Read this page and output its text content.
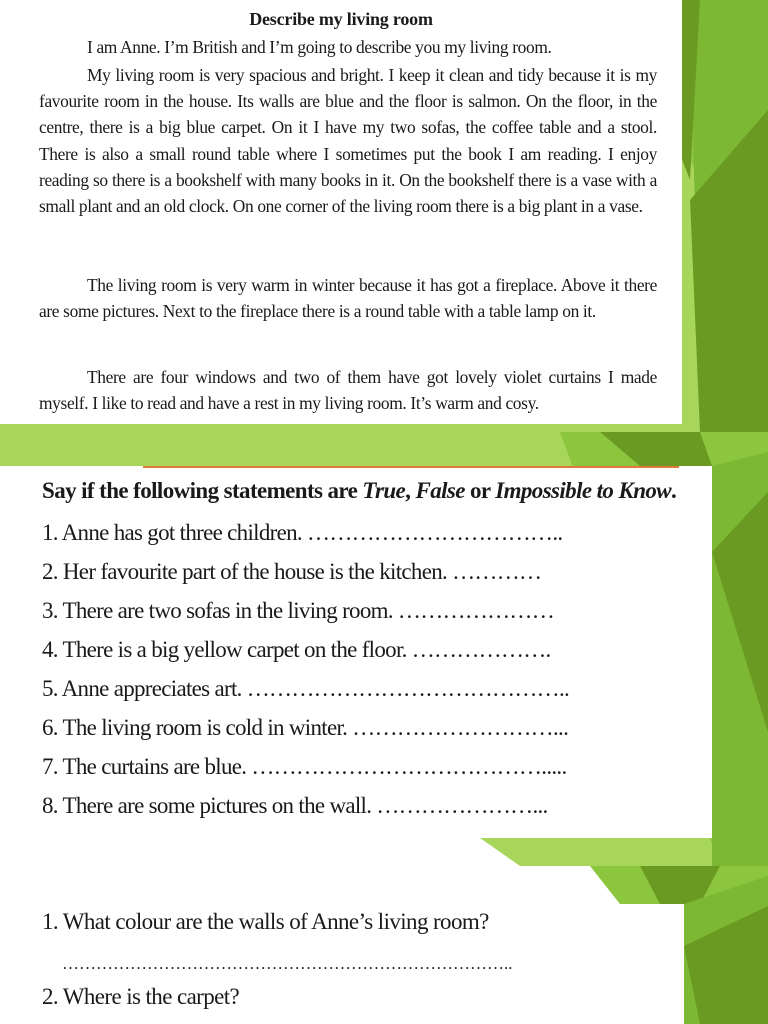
Describe my living room
I am Anne. I’m British and I’m going to describe you my living room.
My living room is very spacious and bright. I keep it clean and tidy because it is my favourite room in the house. Its walls are blue and the floor is salmon. On the floor, in the centre, there is a big blue carpet. On it I have my two sofas, the coffee table and a stool. There is also a small round table where I sometimes put the book I am reading. I enjoy reading so there is a bookshelf with many books in it. On the bookshelf there is a vase with a small plant and an old clock. On one corner of the living room there is a big plant in a vase.
The living room is very warm in winter because it has got a fireplace. Above it there are some pictures. Next to the fireplace there is a round table with a table lamp on it.
There are four windows and two of them have got lovely violet curtains I made myself. I like to read and have a rest in my living room. It’s warm and cosy.
Say if the following statements are True, False or Impossible to Know.
1. Anne has got three children. ……………………………..
2. Her favourite part of the house is the kitchen. …………
3. There are two sofas in the living room. …………………
4. There is a big yellow carpet on the floor. ……………….
5. Anne appreciates art. ……………………………………..
6. The living room is cold in winter. ………………………...
7. The curtains are blue. ………………………………….....
8. There are some pictures on the wall. …………………...
1. What colour are the walls of Anne’s living room?
……………………………………………………………………..
2. Where is the carpet?
